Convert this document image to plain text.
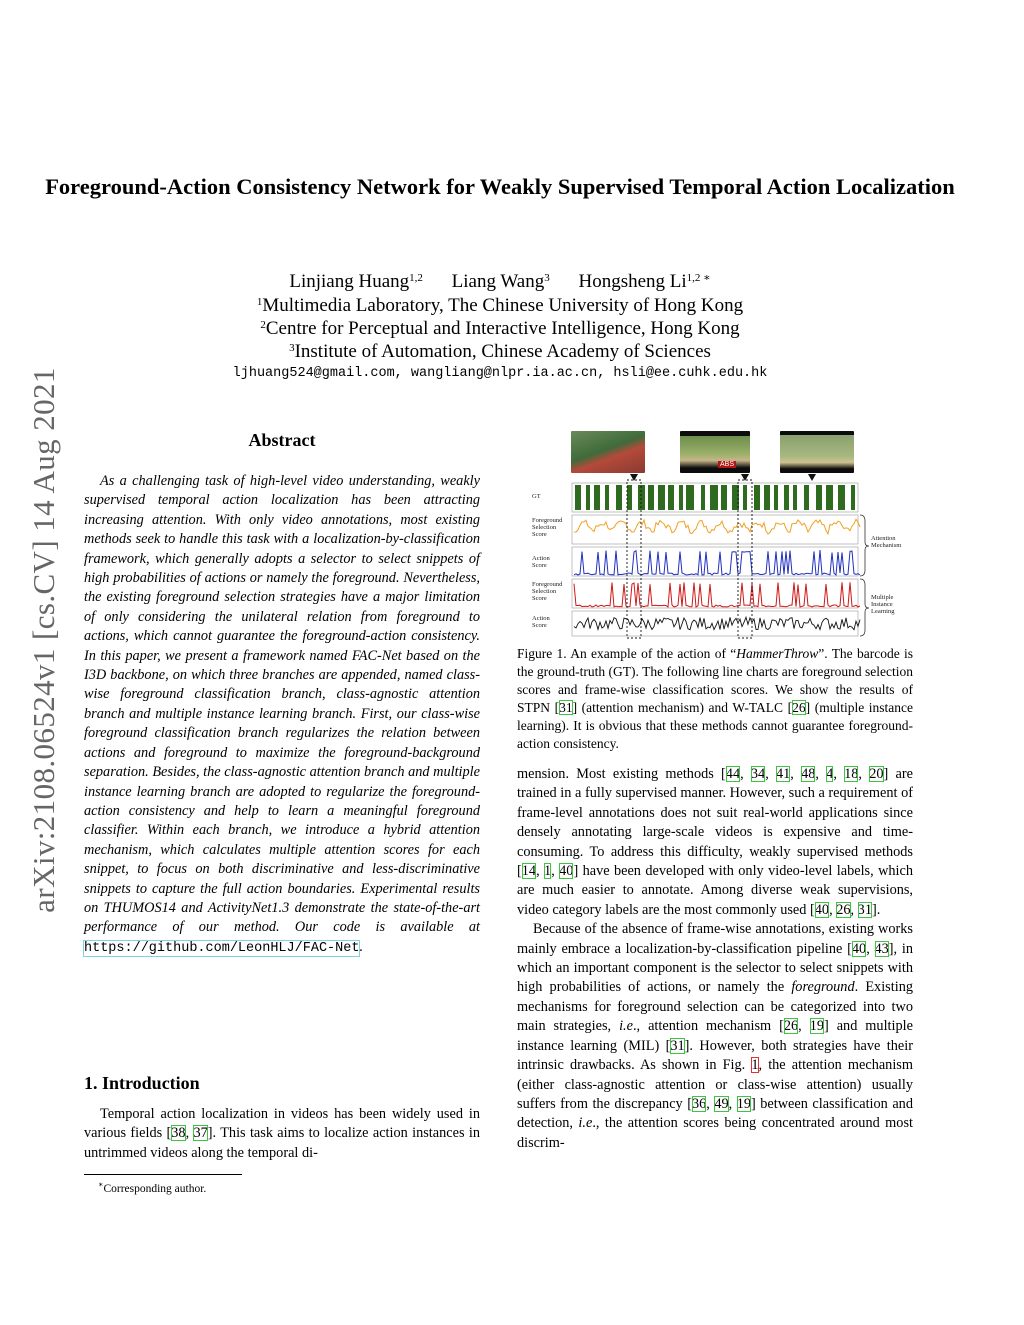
arXiv:2108.06524v1 [cs.CV] 14 Aug 2021
Foreground-Action Consistency Network for Weakly Supervised Temporal Action Localization
Linjiang Huang$^{1,2}$ Liang Wang$^3$ Hongsheng $Li^{1,2 ∗}$
$^1$Multimedia Laboratory, The Chinese University of Hong Kong
$^2$Centre for Perceptual and Interactive Intelligence, Hong Kong
$^3$Institute of Automation, Chinese Academy of Sciences
ljhuang524@gmail.com, wangliang@nlpr.ia.ac.cn, hsli@ee.cuhk.edu.hk
Abstract

As a challenging task of high-level video understanding, weakly supervised temporal action localization has been attracting increasing attention. With only video annotations, most existing methods seek to handle this task with a localization-by-classification framework, which generally adopts a selector to select snippets of high probabilities of actions or namely the foreground. Nevertheless, the existing foreground selection strategies have a major limitation of only considering the unilateral relation from foreground to actions, which cannot guarantee the foreground-action consistency. In this paper, we present a framework named FAC-Net based on the I3D backbone, on which three branches are appended, named class-wise foreground classification branch, class-agnostic attention branch and multiple instance learning branch. First, our class-wise foreground classification branch regularizes the relation between actions and foreground to maximize the foreground-background separation. Besides, the class-agnostic attention branch and multiple instance learning branch are adopted to regularize the foreground-action consistency and help to learn a meaningful foreground classifier. Within each branch, we introduce a hybrid attention mechanism, which calculates multiple attention scores for each snippet, to focus on both discriminative and less-discriminative snippets to capture the full action boundaries. Experimental results on THUMOS14 and ActivityNet1.3 demonstrate the state-of-the-art performance of our method. Our code is available at https://github.com/LeonHLJ/FAC-Net.

1. Introduction

Temporal action localization in videos has been widely used in various fields [38, 37]. This task aims to localize action instances in untrimmed videos along the temporal di-

∗Corresponding author.
ABS
GT
Foreground Selection Score
Action Score
Foreground Selection Score
Action Score
Attention Mechanism
Multiple Instance Learning

Figure 1. An example of the action of “HammerThrow”. The barcode is the ground-truth (GT). The following line charts are foreground selection scores and frame-wise classification scores. We show the results of STPN [31] (attention mechanism) and W-TALC [26] (multiple instance learning). It is obvious that these methods cannot guarantee foreground-action consistency.

mension. Most existing methods [44, 34, 41, 48, 4, 18, 20] are trained in a fully supervised manner. However, such a requirement of frame-level annotations does not suit real-world applications since densely annotating large-scale videos is expensive and time-consuming. To address this difficulty, weakly supervised methods [14, 1, 40] have been developed with only video-level labels, which are much easier to annotate. Among diverse weak supervisions, video category labels are the most commonly used [40, 26, 31].

Because of the absence of frame-wise annotations, existing works mainly embrace a localization-by-classification pipeline [40, 43], in which an important component is the selector to select snippets with high probabilities of actions, or namely the foreground. Existing mechanisms for foreground selection can be categorized into two main strategies, i.e., attention mechanism [26, 19] and multiple instance learning (MIL) [31]. However, both strategies have their intrinsic drawbacks. As shown in Fig. 1, the attention mechanism (either class-agnostic attention or class-wise attention) usually suffers from the discrepancy [36, 49, 19] between classification and detection, i.e., the attention scores being concentrated around most discrim-
